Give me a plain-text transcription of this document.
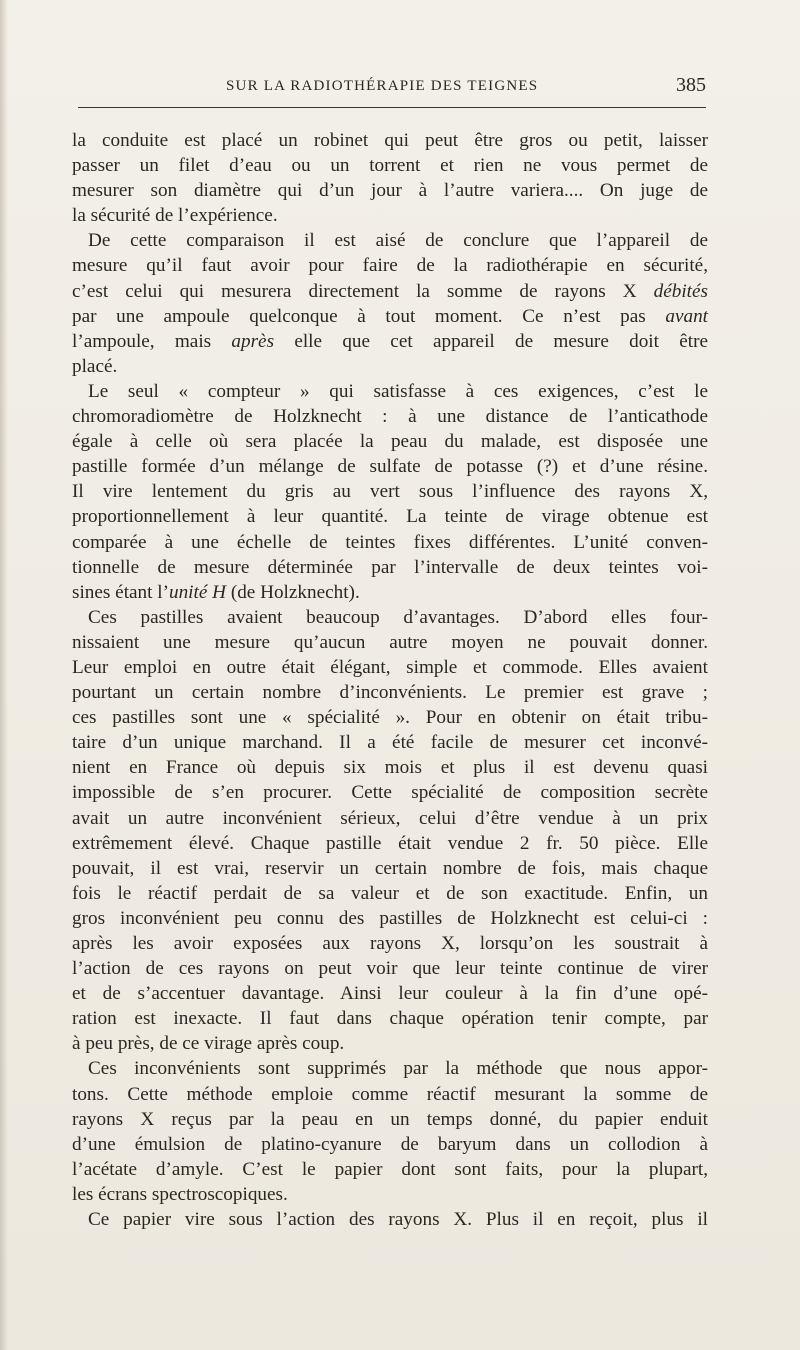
SUR LA RADIOTHÉRAPIE DES TEIGNES	385
la conduite est placé un robinet qui peut être gros ou petit, laisser
passer un filet d’eau ou un torrent et rien ne vous permet de
mesurer son diamètre qui d’un jour à l’autre variera.... On juge de
la sécurité de l’expérience.
De cette comparaison il est aisé de conclure que l’appareil de
mesure qu’il faut avoir pour faire de la radiothérapie en sécurité,
c’est celui qui mesurera directement la somme de rayons X débités
par une ampoule quelconque à tout moment. Ce n’est pas avant
l’ampoule, mais après elle que cet appareil de mesure doit être
placé.
Le seul « compteur » qui satisfasse à ces exigences, c’est le
chromoradiomètre de Holzknecht : à une distance de l’anticathode
égale à celle où sera placée la peau du malade, est disposée une
pastille formée d’un mélange de sulfate de potasse (?) et d’une résine.
Il vire lentement du gris au vert sous l’influence des rayons X,
proportionnellement à leur quantité. La teinte de virage obtenue est
comparée à une échelle de teintes fixes différentes. L’unité conven-
tionnelle de mesure déterminée par l’intervalle de deux teintes voi-
sines étant l’unité H (de Holzknecht).
Ces pastilles avaient beaucoup d’avantages. D’abord elles four-
nissaient une mesure qu’aucun autre moyen ne pouvait donner.
Leur emploi en outre était élégant, simple et commode. Elles avaient
pourtant un certain nombre d’inconvénients. Le premier est grave ;
ces pastilles sont une « spécialité ». Pour en obtenir on était tribu-
taire d’un unique marchand. Il a été facile de mesurer cet inconvé-
nient en France où depuis six mois et plus il est devenu quasi
impossible de s’en procurer. Cette spécialité de composition secrète
avait un autre inconvénient sérieux, celui d’être vendue à un prix
extrêmement élevé. Chaque pastille était vendue 2 fr. 50 pièce. Elle
pouvait, il est vrai, reservir un certain nombre de fois, mais chaque
fois le réactif perdait de sa valeur et de son exactitude. Enfin, un
gros inconvénient peu connu des pastilles de Holzknecht est celui-ci :
après les avoir exposées aux rayons X, lorsqu’on les soustrait à
l’action de ces rayons on peut voir que leur teinte continue de virer
et de s’accentuer davantage. Ainsi leur couleur à la fin d’une opé-
ration est inexacte. Il faut dans chaque opération tenir compte, par
à peu près, de ce virage après coup.
Ces inconvénients sont supprimés par la méthode que nous appor-
tons. Cette méthode emploie comme réactif mesurant la somme de
rayons X reçus par la peau en un temps donné, du papier enduit
d’une émulsion de platino-cyanure de baryum dans un collodion à
l’acétate d’amyle. C’est le papier dont sont faits, pour la plupart,
les écrans spectroscopiques.
Ce papier vire sous l’action des rayons X. Plus il en reçoit, plus il
